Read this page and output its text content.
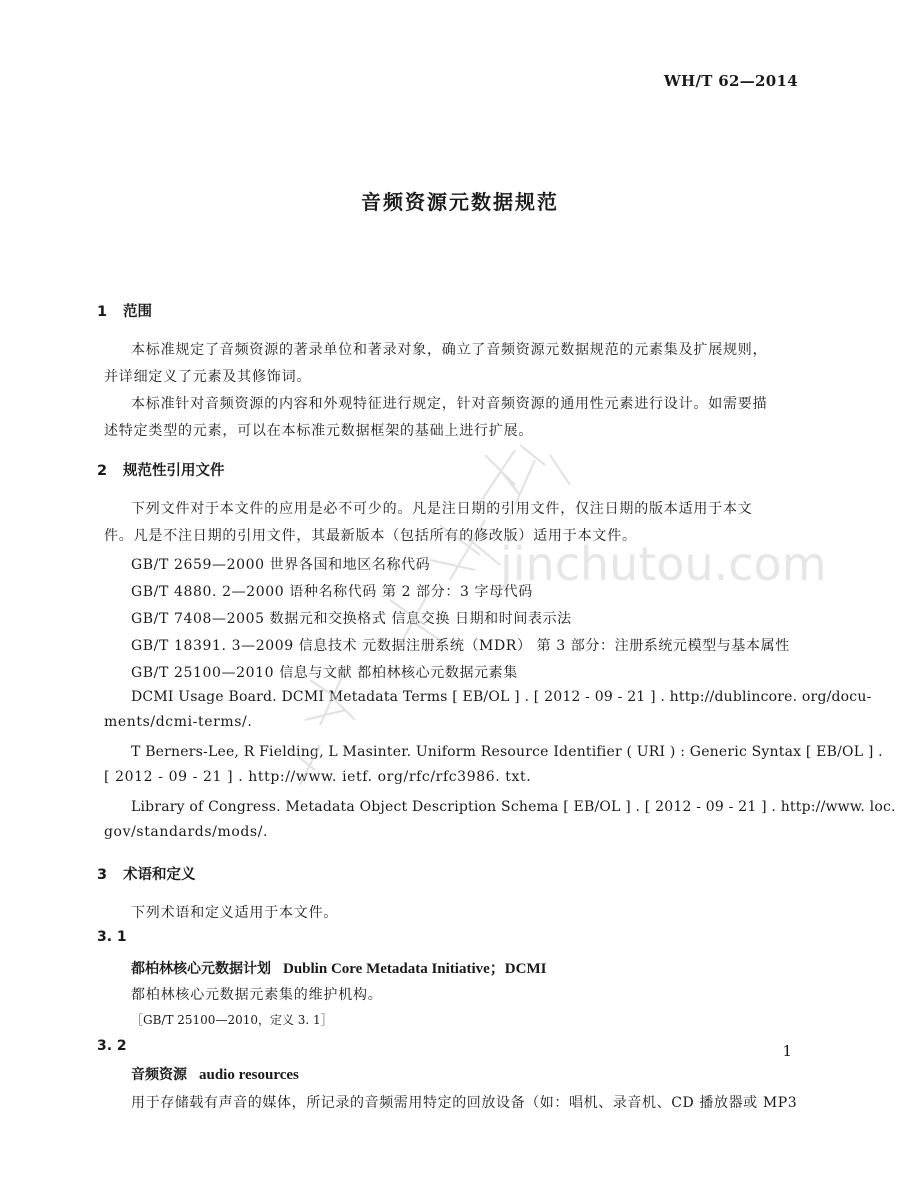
WH/T 62—2014
音频资源元数据规范
1 范围
本标准规定了音频资源的著录单位和著录对象，确立了音频资源元数据规范的元素集及扩展规则，
并详细定义了元素及其修饰词。
本标准针对音频资源的内容和外观特征进行规定，针对音频资源的通用性元素进行设计。如需要描
述特定类型的元素，可以在本标准元数据框架的基础上进行扩展。
2 规范性引用文件
下列文件对于本文件的应用是必不可少的。凡是注日期的引用文件，仅注日期的版本适用于本文
件。凡是不注日期的引用文件，其最新版本（包括所有的修改版）适用于本文件。
GB/T 2659—2000 世界各国和地区名称代码
GB/T 4880. 2—2000 语种名称代码 第 2 部分：3 字母代码
GB/T 7408—2005 数据元和交换格式 信息交换 日期和时间表示法
GB/T 18391. 3—2009 信息技术 元数据注册系统（MDR） 第 3 部分：注册系统元模型与基本属性
GB/T 25100—2010 信息与文献 都柏林核心元数据元素集
DCMI Usage Board. DCMI Metadata Terms [ EB/OL ] . [ 2012 - 09 - 21 ] . http://dublincore. org/docu-
ments/dcmi-terms/.
T Berners-Lee, R Fielding, L Masinter. Uniform Resource Identifier ( URI ) : Generic Syntax [ EB/OL ] .
[ 2012 - 09 - 21 ] . http://www. ietf. org/rfc/rfc3986. txt.
Library of Congress. Metadata Object Description Schema [ EB/OL ] . [ 2012 - 09 - 21 ] . http://www. loc.
gov/standards/mods/.
3 术语和定义
下列术语和定义适用于本文件。
3. 1
都柏林核心元数据计划 Dublin Core Metadata Initiative；DCMI
都柏林核心元数据元素集的维护机构。
［GB/T 25100—2010，定义 3. 1］
3. 2
音频资源 audio resources
用于存储载有声音的媒体，所记录的音频需用特定的回放设备（如：唱机、录音机、CD 播放器或 MP3
1
jinchutou.com
